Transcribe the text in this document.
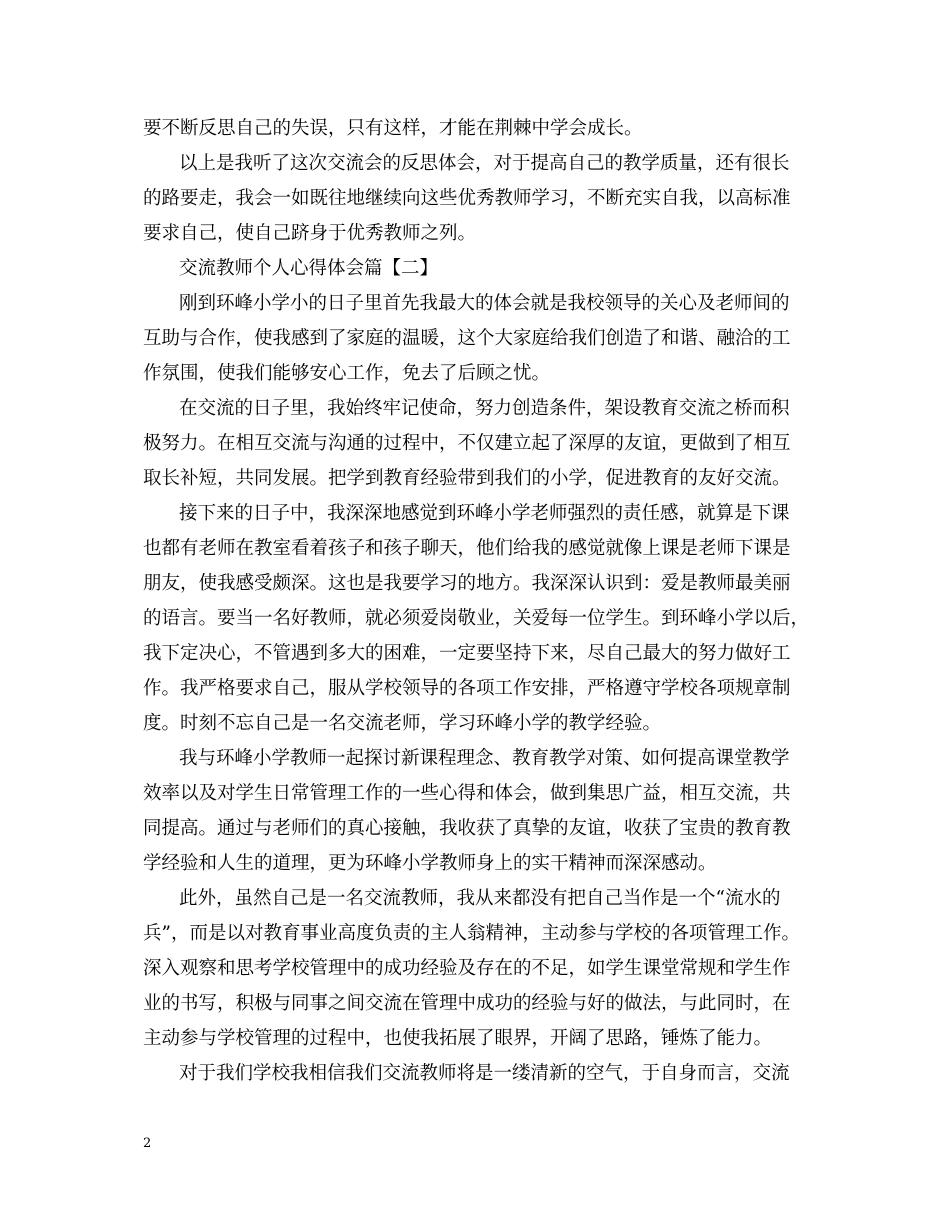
要不断反思自己的失误，只有这样，才能在荆棘中学会成长。
以上是我听了这次交流会的反思体会，对于提高自己的教学质量，还有很长
的路要走，我会一如既往地继续向这些优秀教师学习，不断充实自我，以高标准
要求自己，使自己跻身于优秀教师之列。
交流教师个人心得体会篇【二】
刚到环峰小学小的日子里首先我最大的体会就是我校领导的关心及老师间的
互助与合作，使我感到了家庭的温暖，这个大家庭给我们创造了和谐、融洽的工
作氛围，使我们能够安心工作，免去了后顾之忧。
在交流的日子里，我始终牢记使命，努力创造条件，架设教育交流之桥而积
极努力。在相互交流与沟通的过程中，不仅建立起了深厚的友谊，更做到了相互
取长补短，共同发展。把学到教育经验带到我们的小学，促进教育的友好交流。
接下来的日子中，我深深地感觉到环峰小学老师强烈的责任感，就算是下课
也都有老师在教室看着孩子和孩子聊天，他们给我的感觉就像上课是老师下课是
朋友，使我感受颇深。这也是我要学习的地方。我深深认识到：爱是教师最美丽
的语言。要当一名好教师，就必须爱岗敬业，关爱每一位学生。到环峰小学以后，
我下定决心，不管遇到多大的困难，一定要坚持下来，尽自己最大的努力做好工
作。我严格要求自己，服从学校领导的各项工作安排，严格遵守学校各项规章制
度。时刻不忘自己是一名交流老师，学习环峰小学的教学经验。
我与环峰小学教师一起探讨新课程理念、教育教学对策、如何提高课堂教学
效率以及对学生日常管理工作的一些心得和体会，做到集思广益，相互交流，共
同提高。通过与老师们的真心接触，我收获了真挚的友谊，收获了宝贵的教育教
学经验和人生的道理，更为环峰小学教师身上的实干精神而深深感动。
此外，虽然自己是一名交流教师，我从来都没有把自己当作是一个“流水的
兵”，而是以对教育事业高度负责的主人翁精神，主动参与学校的各项管理工作。
深入观察和思考学校管理中的成功经验及存在的不足，如学生课堂常规和学生作
业的书写，积极与同事之间交流在管理中成功的经验与好的做法，与此同时，在
主动参与学校管理的过程中，也使我拓展了眼界，开阔了思路，锤炼了能力。
对于我们学校我相信我们交流教师将是一缕清新的空气，于自身而言，交流
2
